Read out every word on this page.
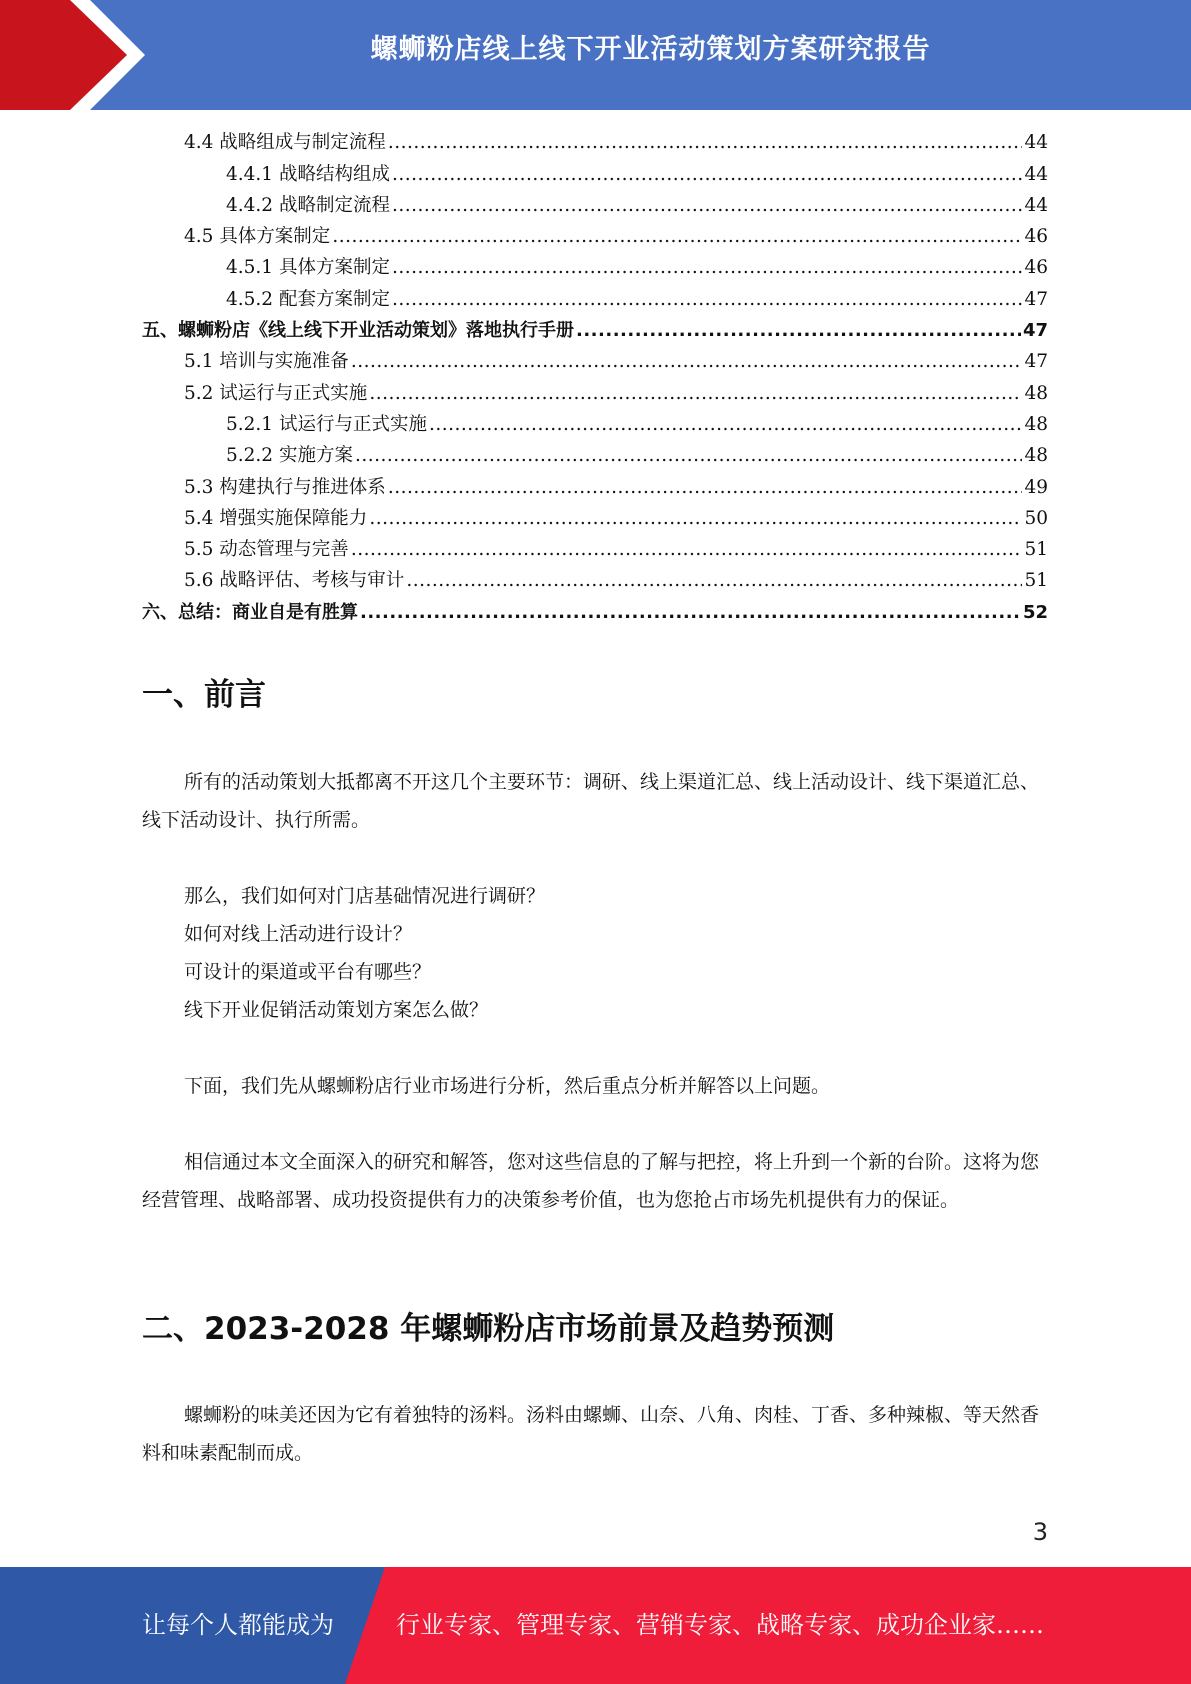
螺蛳粉店线上线下开业活动策划方案研究报告
4.4 战略组成与制定流程 .....	44
4.4.1 战略结构组成 .....	44
4.4.2 战略制定流程 .....	44
4.5 具体方案制定 .....	46
4.5.1 具体方案制定 .....	46
4.5.2 配套方案制定 .....	47
五、螺蛳粉店《线上线下开业活动策划》落地执行手册 .....	47
5.1 培训与实施准备 .....	47
5.2 试运行与正式实施 .....	48
5.2.1 试运行与正式实施 .....	48
5.2.2 实施方案 .....	48
5.3 构建执行与推进体系 .....	49
5.4 增强实施保障能力 .....	50
5.5 动态管理与完善 .....	51
5.6 战略评估、考核与审计 .....	51
六、总结：商业自是有胜算 .....	52
一、前言

所有的活动策划大抵都离不开这几个主要环节：调研、线上渠道汇总、线上活动设计、线下渠道汇总、线下活动设计、执行所需。

那么，我们如何对门店基础情况进行调研？
如何对线上活动进行设计？
可设计的渠道或平台有哪些？
线下开业促销活动策划方案怎么做？

下面，我们先从螺蛳粉店行业市场进行分析，然后重点分析并解答以上问题。

相信通过本文全面深入的研究和解答，您对这些信息的了解与把控，将上升到一个新的台阶。这将为您经营管理、战略部署、成功投资提供有力的决策参考价值，也为您抢占市场先机提供有力的保证。

二、2023-2028 年螺蛳粉店市场前景及趋势预测

螺蛳粉的味美还因为它有着独特的汤料。汤料由螺蛳、山奈、八角、肉桂、丁香、多种辣椒、等天然香料和味素配制而成。

3
让每个人都能成为	行业专家、管理专家、营销专家、战略专家、成功企业家……
